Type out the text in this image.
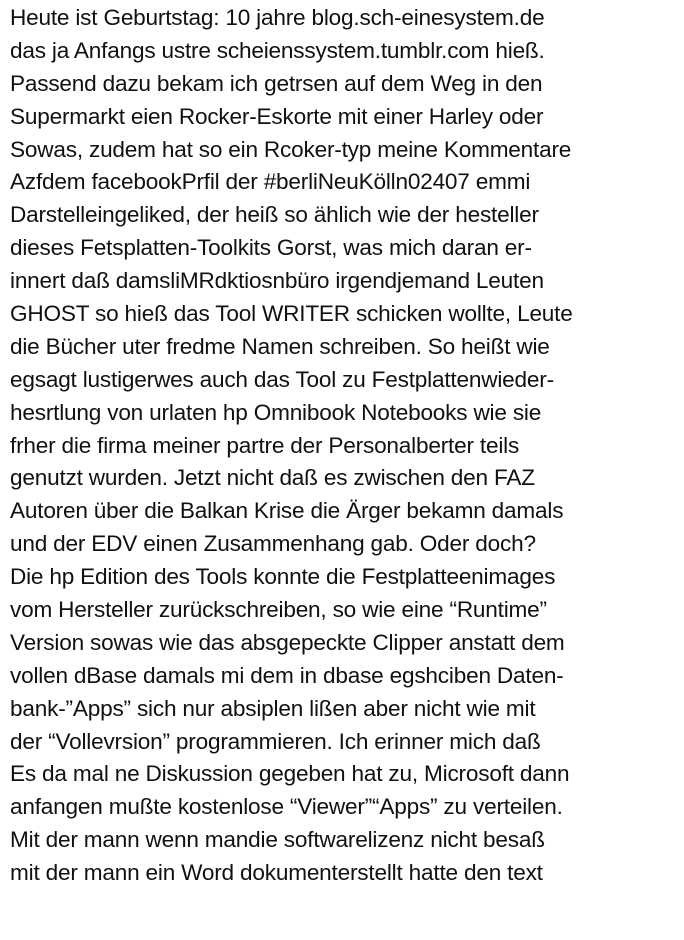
Heute ist Geburtstag: 10 jahre blog.sch-einesystem.de
das ja Anfangs ustre scheienssystem.tumblr.com hieß.
Passend dazu bekam ich getrsen auf dem Weg in den
Supermarkt eien Rocker-Eskorte mit einer Harley oder
Sowas, zudem hat so ein Rcoker-typ meine Kommentare
Azfdem facebookPrfil der #berliNeuKölln02407 emmi
Darstelleingeliked, der heiß so ählich wie der hesteller
dieses Fetsplatten-Toolkits Gorst, was mich daran er-
innert daß damsliMRdktiosnbüro irgendjemand Leuten
GHOST so hieß das Tool WRITER schicken wollte, Leute
die Bücher uter fredme Namen schreiben. So heißt wie
egsagt lustigerwes auch das Tool zu Festplattenwieder-
hesrtlung von urlaten hp Omnibook Notebooks wie sie
frher die firma meiner partre der Personalberter teils
genutzt wurden. Jetzt nicht daß es zwischen den FAZ
Autoren über die Balkan Krise die Ärger bekamn damals
und der EDV einen Zusammenhang gab. Oder doch?
Die hp Edition des Tools konnte die Festplatteenimages
vom Hersteller zurückschreiben, so wie eine “Runtime”
Version sowas wie das absgepeckte Clipper anstatt dem
vollen dBase damals mi dem in dbase egshciben Daten-
bank-”Apps” sich nur absiplen lißen aber nicht wie mit
der “Vollevrsion” programmieren. Ich erinner mich daß
Es da mal ne Diskussion gegeben hat zu, Microsoft dann
anfangen mußte kostenlose “Viewer”“Apps” zu verteilen.
Mit der mann wenn mandie softwarelizenz nicht besaß
mit der mann ein Word dokumenterstellt hatte den text
